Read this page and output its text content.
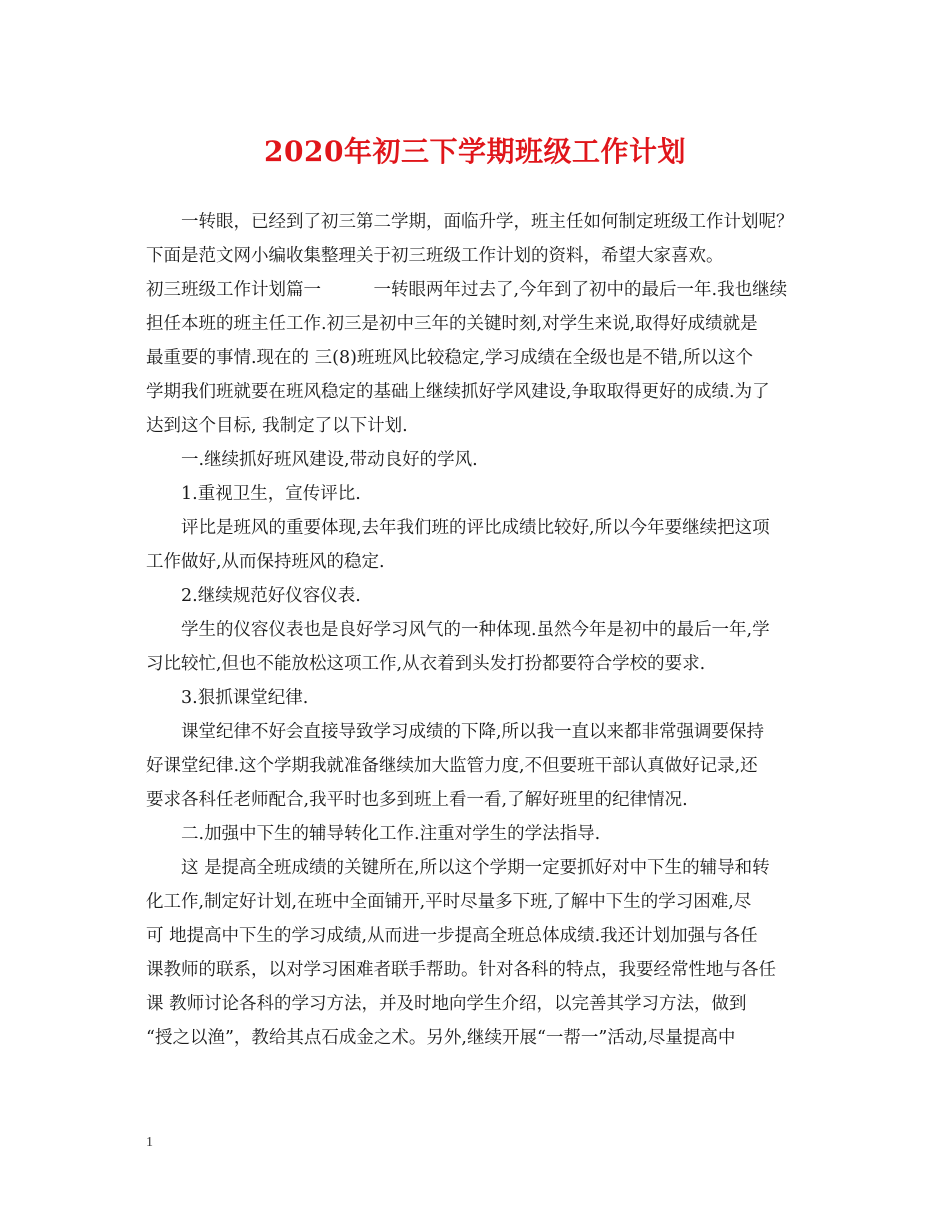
2020年初三下学期班级工作计划
　　一转眼，已经到了初三第二学期，面临升学，班主任如何制定班级工作计划呢？
下面是范文网小编收集整理关于初三班级工作计划的资料，希望大家喜欢。
初三班级工作计划篇一　　　一转眼两年过去了,今年到了初中的最后一年.我也继续
担任本班的班主任工作.初三是初中三年的关键时刻,对学生来说,取得好成绩就是
最重要的事情.现在的 三(8)班班风比较稳定,学习成绩在全级也是不错,所以这个
学期我们班就要在班风稳定的基础上继续抓好学风建设,争取取得更好的成绩.为了
达到这个目标, 我制定了以下计划.
　　一.继续抓好班风建设,带动良好的学风.
　　1.重视卫生，宣传评比.
　　评比是班风的重要体现,去年我们班的评比成绩比较好,所以今年要继续把这项
工作做好,从而保持班风的稳定.
　　2.继续规范好仪容仪表.
　　学生的仪容仪表也是良好学习风气的一种体现.虽然今年是初中的最后一年,学
习比较忙,但也不能放松这项工作,从衣着到头发打扮都要符合学校的要求.
　　3.狠抓课堂纪律.
　　课堂纪律不好会直接导致学习成绩的下降,所以我一直以来都非常强调要保持
好课堂纪律.这个学期我就准备继续加大监管力度,不但要班干部认真做好记录,还
要求各科任老师配合,我平时也多到班上看一看,了解好班里的纪律情况.
　　二.加强中下生的辅导转化工作.注重对学生的学法指导.
　　这 是提高全班成绩的关键所在,所以这个学期一定要抓好对中下生的辅导和转
化工作,制定好计划,在班中全面铺开,平时尽量多下班,了解中下生的学习困难,尽
可 地提高中下生的学习成绩,从而进一步提高全班总体成绩.我还计划加强与各任
课教师的联系，以对学习困难者联手帮助。针对各科的特点，我要经常性地与各任
课 教师讨论各科的学习方法，并及时地向学生介绍，以完善其学习方法，做到
“授之以渔”，教给其点石成金之术。另外,继续开展“一帮一”活动,尽量提高中
1
